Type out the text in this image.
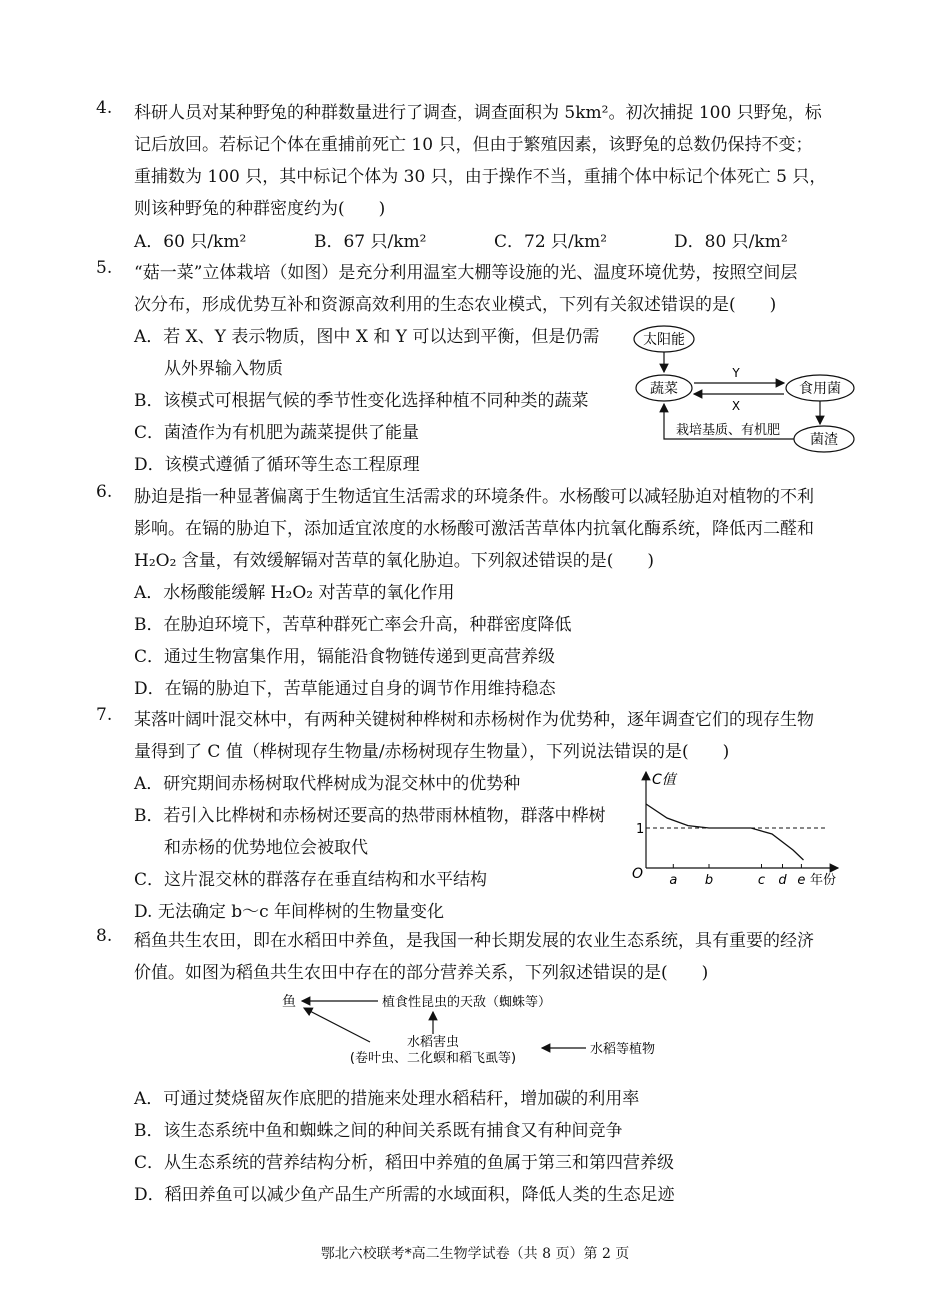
4.	科研人员对某种野兔的种群数量进行了调查，调查面积为 5km²。初次捕捉 100 只野兔，标
记后放回。若标记个体在重捕前死亡 10 只，但由于繁殖因素，该野兔的总数仍保持不变；
重捕数为 100 只，其中标记个体为 30 只，由于操作不当，重捕个体中标记个体死亡 5 只，
则该种野兔的种群密度约为(　　)
A．60 只/km²	B．67 只/km²	C．72 只/km²	D．80 只/km²
5.	“菇一菜”立体栽培（如图）是充分利用温室大棚等设施的光、温度环境优势，按照空间层
次分布，形成优势互补和资源高效利用的生态农业模式，下列有关叙述错误的是(　　)
A．若 X、Y 表示物质，图中 X 和 Y 可以达到平衡，但是仍需
从外界输入物质
B．该模式可根据气候的季节性变化选择种植不同种类的蔬菜
C．菌渣作为有机肥为蔬菜提供了能量
D．该模式遵循了循环等生态工程原理
太阳能
蔬菜	食用菌
Y
X
菌渣
栽培基质、有机肥
6.	胁迫是指一种显著偏离于生物适宜生活需求的环境条件。水杨酸可以减轻胁迫对植物的不利
影响。在镉的胁迫下，添加适宜浓度的水杨酸可激活苦草体内抗氧化酶系统，降低丙二醛和
H₂O₂ 含量，有效缓解镉对苦草的氧化胁迫。下列叙述错误的是(　　)
A．水杨酸能缓解 H₂O₂ 对苦草的氧化作用
B．在胁迫环境下，苦草种群死亡率会升高，种群密度降低
C．通过生物富集作用，镉能沿食物链传递到更高营养级
D．在镉的胁迫下，苦草能通过自身的调节作用维持稳态
7.	某落叶阔叶混交林中，有两种关键树种桦树和赤杨树作为优势种，逐年调查它们的现存生物
量得到了 C 值（桦树现存生物量/赤杨树现存生物量），下列说法错误的是(　　)
A．研究期间赤杨树取代桦树成为混交林中的优势种
B．若引入比桦树和赤杨树还要高的热带雨林植物，群落中桦树
和赤杨的优势地位会被取代
C．这片混交林的群落存在垂直结构和水平结构
D. 无法确定 b～c 年间桦树的生物量变化
C值
年份
O
1
a b	c d e
8.	稻鱼共生农田，即在水稻田中养鱼，是我国一种长期发展的农业生态系统，具有重要的经济
价值。如图为稻鱼共生农田中存在的部分营养关系，下列叙述错误的是(　　)
A．可通过焚烧留灰作底肥的措施来处理水稻秸秆，增加碳的利用率
B．该生态系统中鱼和蜘蛛之间的种间关系既有捕食又有种间竞争
C．从生态系统的营养结构分析，稻田中养殖的鱼属于第三和第四营养级
D．稻田养鱼可以减少鱼产品生产所需的水域面积，降低人类的生态足迹
鱼	植食性昆虫的天敌（蜘蛛等）
水稻害虫
(卷叶虫、二化螟和稻飞虱等)
水稻等植物
鄂北六校联考*高二生物学试卷（共 8 页）第 2 页
